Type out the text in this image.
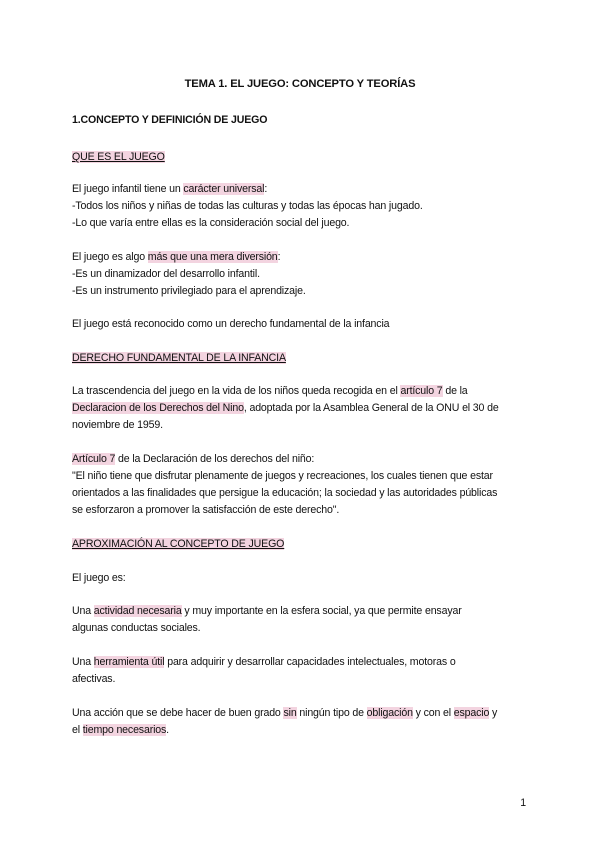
TEMA 1. EL JUEGO: CONCEPTO Y TEORÍAS
1.CONCEPTO Y DEFINICIÓN DE JUEGO
QUE ES EL JUEGO
El juego infantil tiene un carácter universal:
-Todos los niños y niñas de todas las culturas y todas las épocas han jugado.
-Lo que varía entre ellas es la consideración social del juego.
El juego es algo más que una mera diversión:
-Es un dinamizador del desarrollo infantil.
-Es un instrumento privilegiado para el aprendizaje.
El juego está reconocido como un derecho fundamental de la infancia
DERECHO FUNDAMENTAL DE LA INFANCIA
La trascendencia del juego en la vida de los niños queda recogida en el artículo 7 de la
Declaracion de los Derechos del Nino, adoptada por la Asamblea General de la ONU el 30 de
noviembre de 1959.
Artículo 7 de la Declaración de los derechos del niño:
"El niño tiene que disfrutar plenamente de juegos y recreaciones, los cuales tienen que estar
orientados a las finalidades que persigue la educación; la sociedad y las autoridades públicas
se esforzaron a promover la satisfacción de este derecho".
APROXIMACIÓN AL CONCEPTO DE JUEGO
El juego es:
Una actividad necesaria y muy importante en la esfera social, ya que permite ensayar
algunas conductas sociales.
Una herramienta útil para adquirir y desarrollar capacidades intelectuales, motoras o
afectivas.
Una acción que se debe hacer de buen grado sin ningún tipo de obligación y con el espacio y
el tiempo necesarios.
1
